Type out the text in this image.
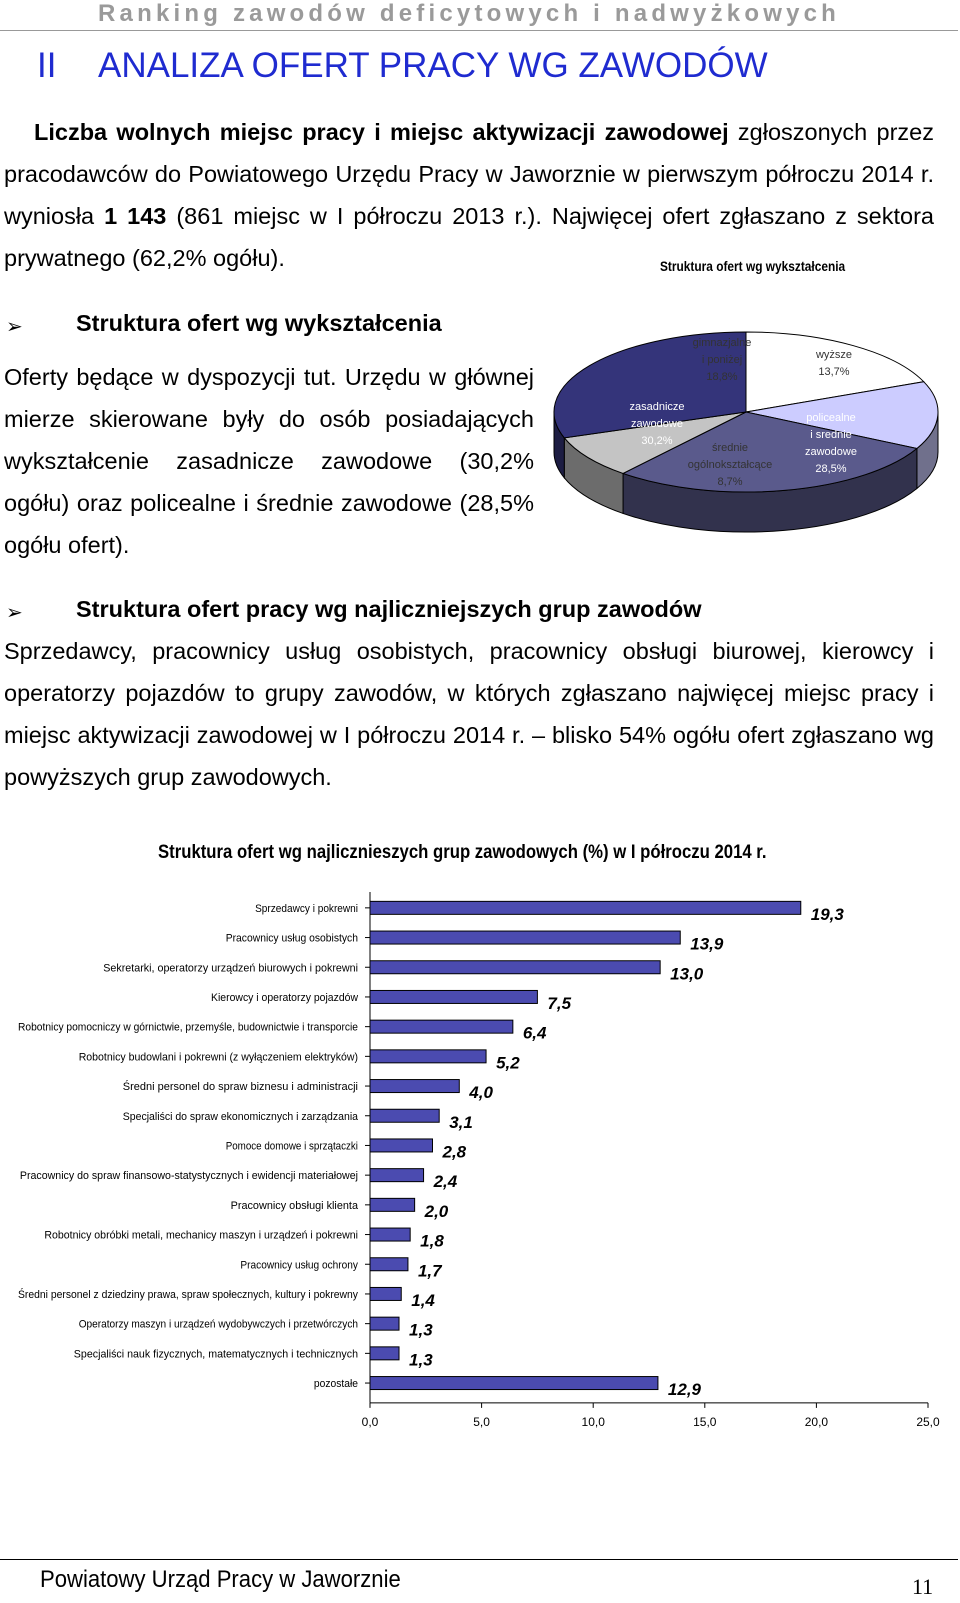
Ranking zawodów deficytowych i nadwyżkowych
II ANALIZA OFERT PRACY WG ZAWODÓW
Liczba wolnych miejsc pracy i miejsc aktywizacji zawodowej zgłoszonych przez pracodawców do Powiatowego Urzędu Pracy w Jaworznie w pierwszym półroczu 2014 r. wyniosła 1 143 (861 miejsc w I półroczu 2013 r.). Najwięcej ofert zgłaszano z sektora prywatnego (62,2% ogółu).	Struktura ofert wg wykształcenia
➢ Struktura ofert wg wykształcenia
Oferty będące w dyspozycji tut. Urzędu w głównej mierze skierowane były do osób posiadających wykształcenie zasadnicze zawodowe (30,2% ogółu) oraz policealne i średnie zawodowe (28,5% ogółu ofert).
gimnazjalne i poniżej 18,8%
wyższe 13,7%
policealne i srednie zawodowe 28,5%
średnie ogólnokształcące 8,7%
zasadnicze zawodowe 30,2%
➢ Struktura ofert pracy wg najliczniejszych grup zawodów
Sprzedawcy, pracownicy usług osobistych, pracownicy obsługi biurowej, kierowcy i operatorzy pojazdów to grupy zawodów, w których zgłaszano najwięcej miejsc pracy i miejsc aktywizacji zawodowej w I półroczu 2014 r. – blisko 54% ogółu ofert zgłaszano wg powyższych grup zawodowych.
Struktura ofert wg najlicznieszych grup zawodowych (%) w I półroczu 2014 r.
0,0	5,0	10,0	15,0	20,0	25,0
Sprzedawcy i pokrewni	19,3
Pracownicy usług osobistych	13,9
Sekretarki, operatorzy urządzeń biurowych i pokrewni	13,0
Kierowcy i operatorzy pojazdów	7,5
Robotnicy pomocniczy w górnictwie, przemyśle, budownictwie i transporcie	6,4
Robotnicy budowlani i pokrewni (z wyłączeniem elektryków)	5,2
Średni personel do spraw biznesu i administracji	4,0
Specjaliści do spraw ekonomicznych i zarządzania	3,1
Pomoce domowe i sprzątaczki	2,8
Pracownicy do spraw finansowo-statystycznych i ewidencji materiałowej	2,4
Pracownicy obsługi klienta	2,0
Robotnicy obróbki metali, mechanicy maszyn i urządzeń i pokrewni	1,8
Pracownicy usług ochrony	1,7
Średni personel z dziedziny prawa, spraw społecznych, kultury i pokrewny 1,4
Operatorzy maszyn i urządzeń wydobywczych i przetwórczych	1,3
Specjaliści nauk fizycznych, matematycznych i technicznych	1,3
pozostałe	12,9
Powiatowy Urząd Pracy w Jaworznie	11
